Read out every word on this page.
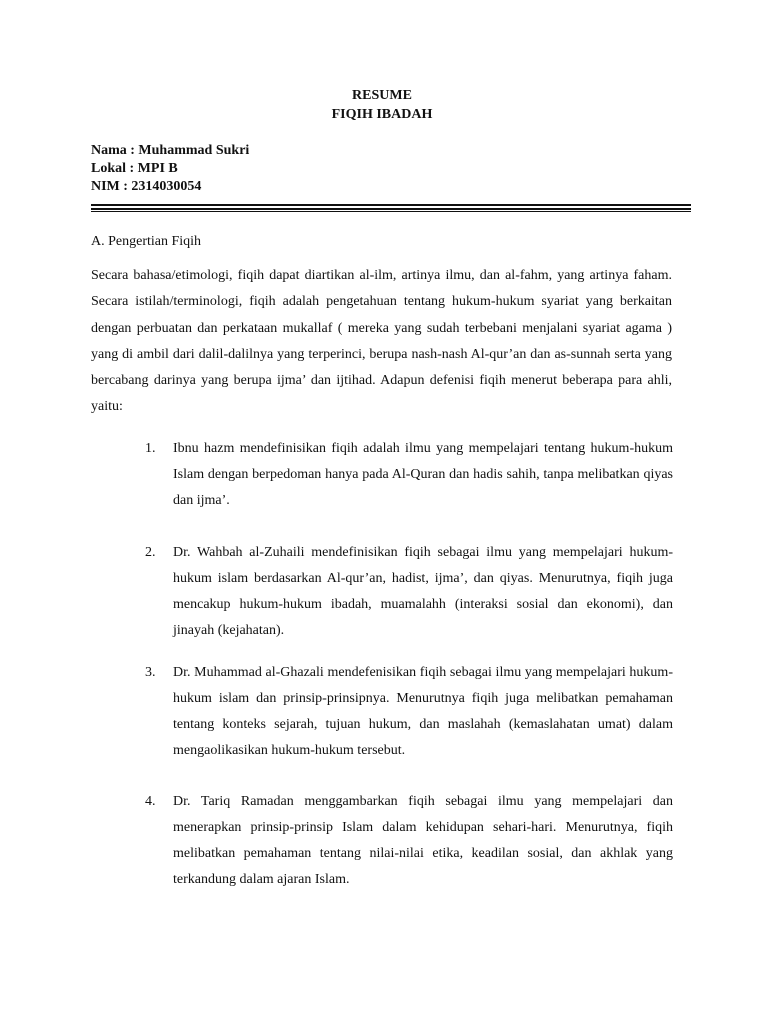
RESUME
FIQIH IBADAH
Nama : Muhammad Sukri
Lokal : MPI B
NIM : 2314030054
A. Pengertian Fiqih

Secara bahasa/etimologi, fiqih dapat diartikan al-ilm, artinya ilmu, dan al-fahm, yang artinya faham. Secara istilah/terminologi, fiqih adalah pengetahuan tentang hukum-hukum syariat yang berkaitan dengan perbuatan dan perkataan mukallaf ( mereka yang sudah terbebani menjalani syariat agama ) yang di ambil dari dalil-dalilnya yang terperinci, berupa nash-nash Al-qur’an dan as-sunnah serta yang bercabang darinya yang berupa ijma’ dan ijtihad. Adapun defenisi fiqih menerut beberapa para ahli, yaitu:

1. Ibnu hazm mendefinisikan fiqih adalah ilmu yang mempelajari tentang hukum-hukum Islam dengan berpedoman hanya pada Al-Quran dan hadis sahih, tanpa melibatkan qiyas dan ijma’.

2. Dr. Wahbah al-Zuhaili mendefinisikan fiqih sebagai ilmu yang mempelajari hukum-hukum islam berdasarkan Al-qur’an, hadist, ijma’, dan qiyas. Menurutnya, fiqih juga mencakup hukum-hukum ibadah, muamalahh (interaksi sosial dan ekonomi), dan jinayah (kejahatan).

3. Dr. Muhammad al-Ghazali mendefenisikan fiqih sebagai ilmu yang mempelajari hukum-hukum islam dan prinsip-prinsipnya. Menurutnya fiqih juga melibatkan pemahaman tentang konteks sejarah, tujuan hukum, dan maslahah (kemaslahatan umat) dalam mengaolikasikan hukum-hukum tersebut.

4. Dr. Tariq Ramadan menggambarkan fiqih sebagai ilmu yang mempelajari dan menerapkan prinsip-prinsip Islam dalam kehidupan sehari-hari. Menurutnya, fiqih melibatkan pemahaman tentang nilai-nilai etika, keadilan sosial, dan akhlak yang terkandung dalam ajaran Islam.
